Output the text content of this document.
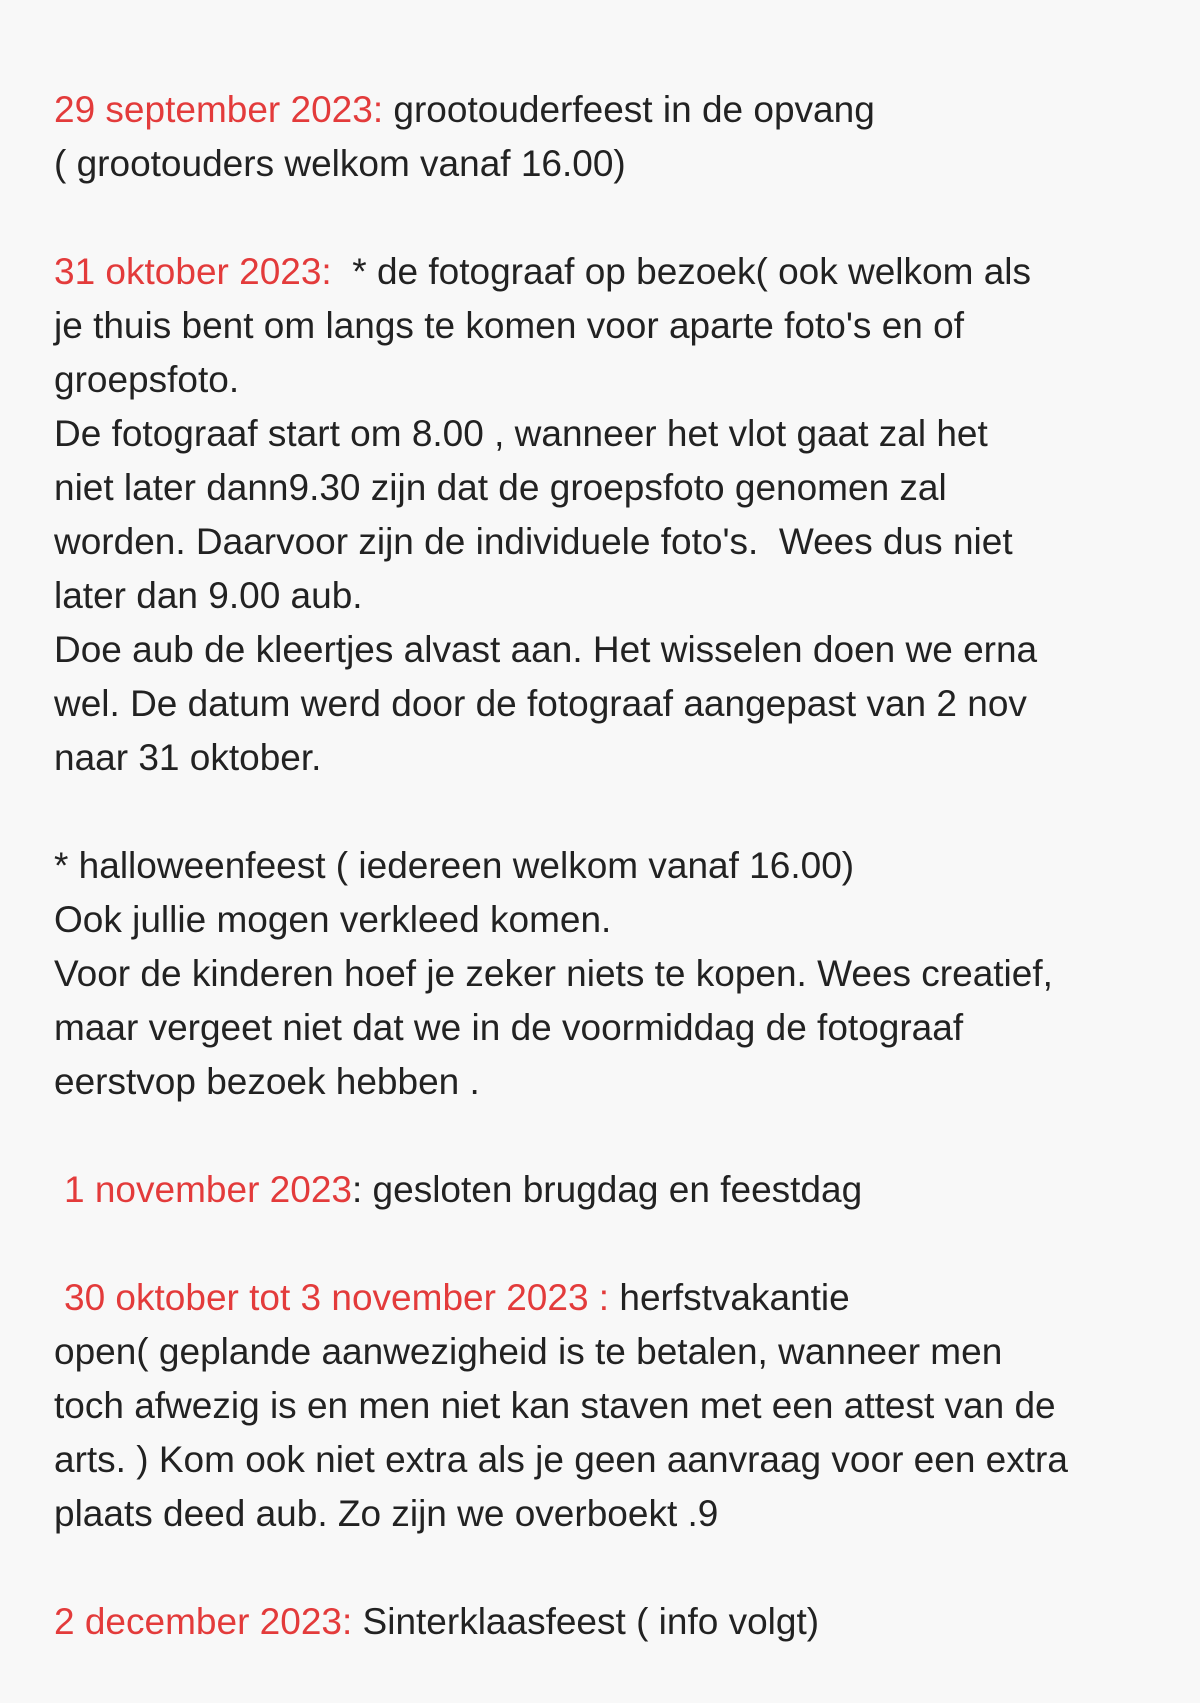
29 september 2023: grootouderfeest in de opvang
( grootouders welkom vanaf 16.00)
31 oktober 2023:  * de fotograaf op bezoek( ook welkom als
je thuis bent om langs te komen voor aparte foto's en of
groepsfoto.
De fotograaf start om 8.00 , wanneer het vlot gaat zal het
niet later dann9.30 zijn dat de groepsfoto genomen zal
worden. Daarvoor zijn de individuele foto's.  Wees dus niet
later dan 9.00 aub.
Doe aub de kleertjes alvast aan. Het wisselen doen we erna
wel. De datum werd door de fotograaf aangepast van 2 nov
naar 31 oktober.
* halloweenfeest ( iedereen welkom vanaf 16.00)
Ook jullie mogen verkleed komen.
Voor de kinderen hoef je zeker niets te kopen. Wees creatief,
maar vergeet niet dat we in de voormiddag de fotograaf
eerstvop bezoek hebben .
1 november 2023: gesloten brugdag en feestdag
30 oktober tot 3 november 2023 : herfstvakantie
open( geplande aanwezigheid is te betalen, wanneer men
toch afwezig is en men niet kan staven met een attest van de
arts. ) Kom ook niet extra als je geen aanvraag voor een extra
plaats deed aub. Zo zijn we overboekt .9
2 december 2023: Sinterklaasfeest ( info volgt)
